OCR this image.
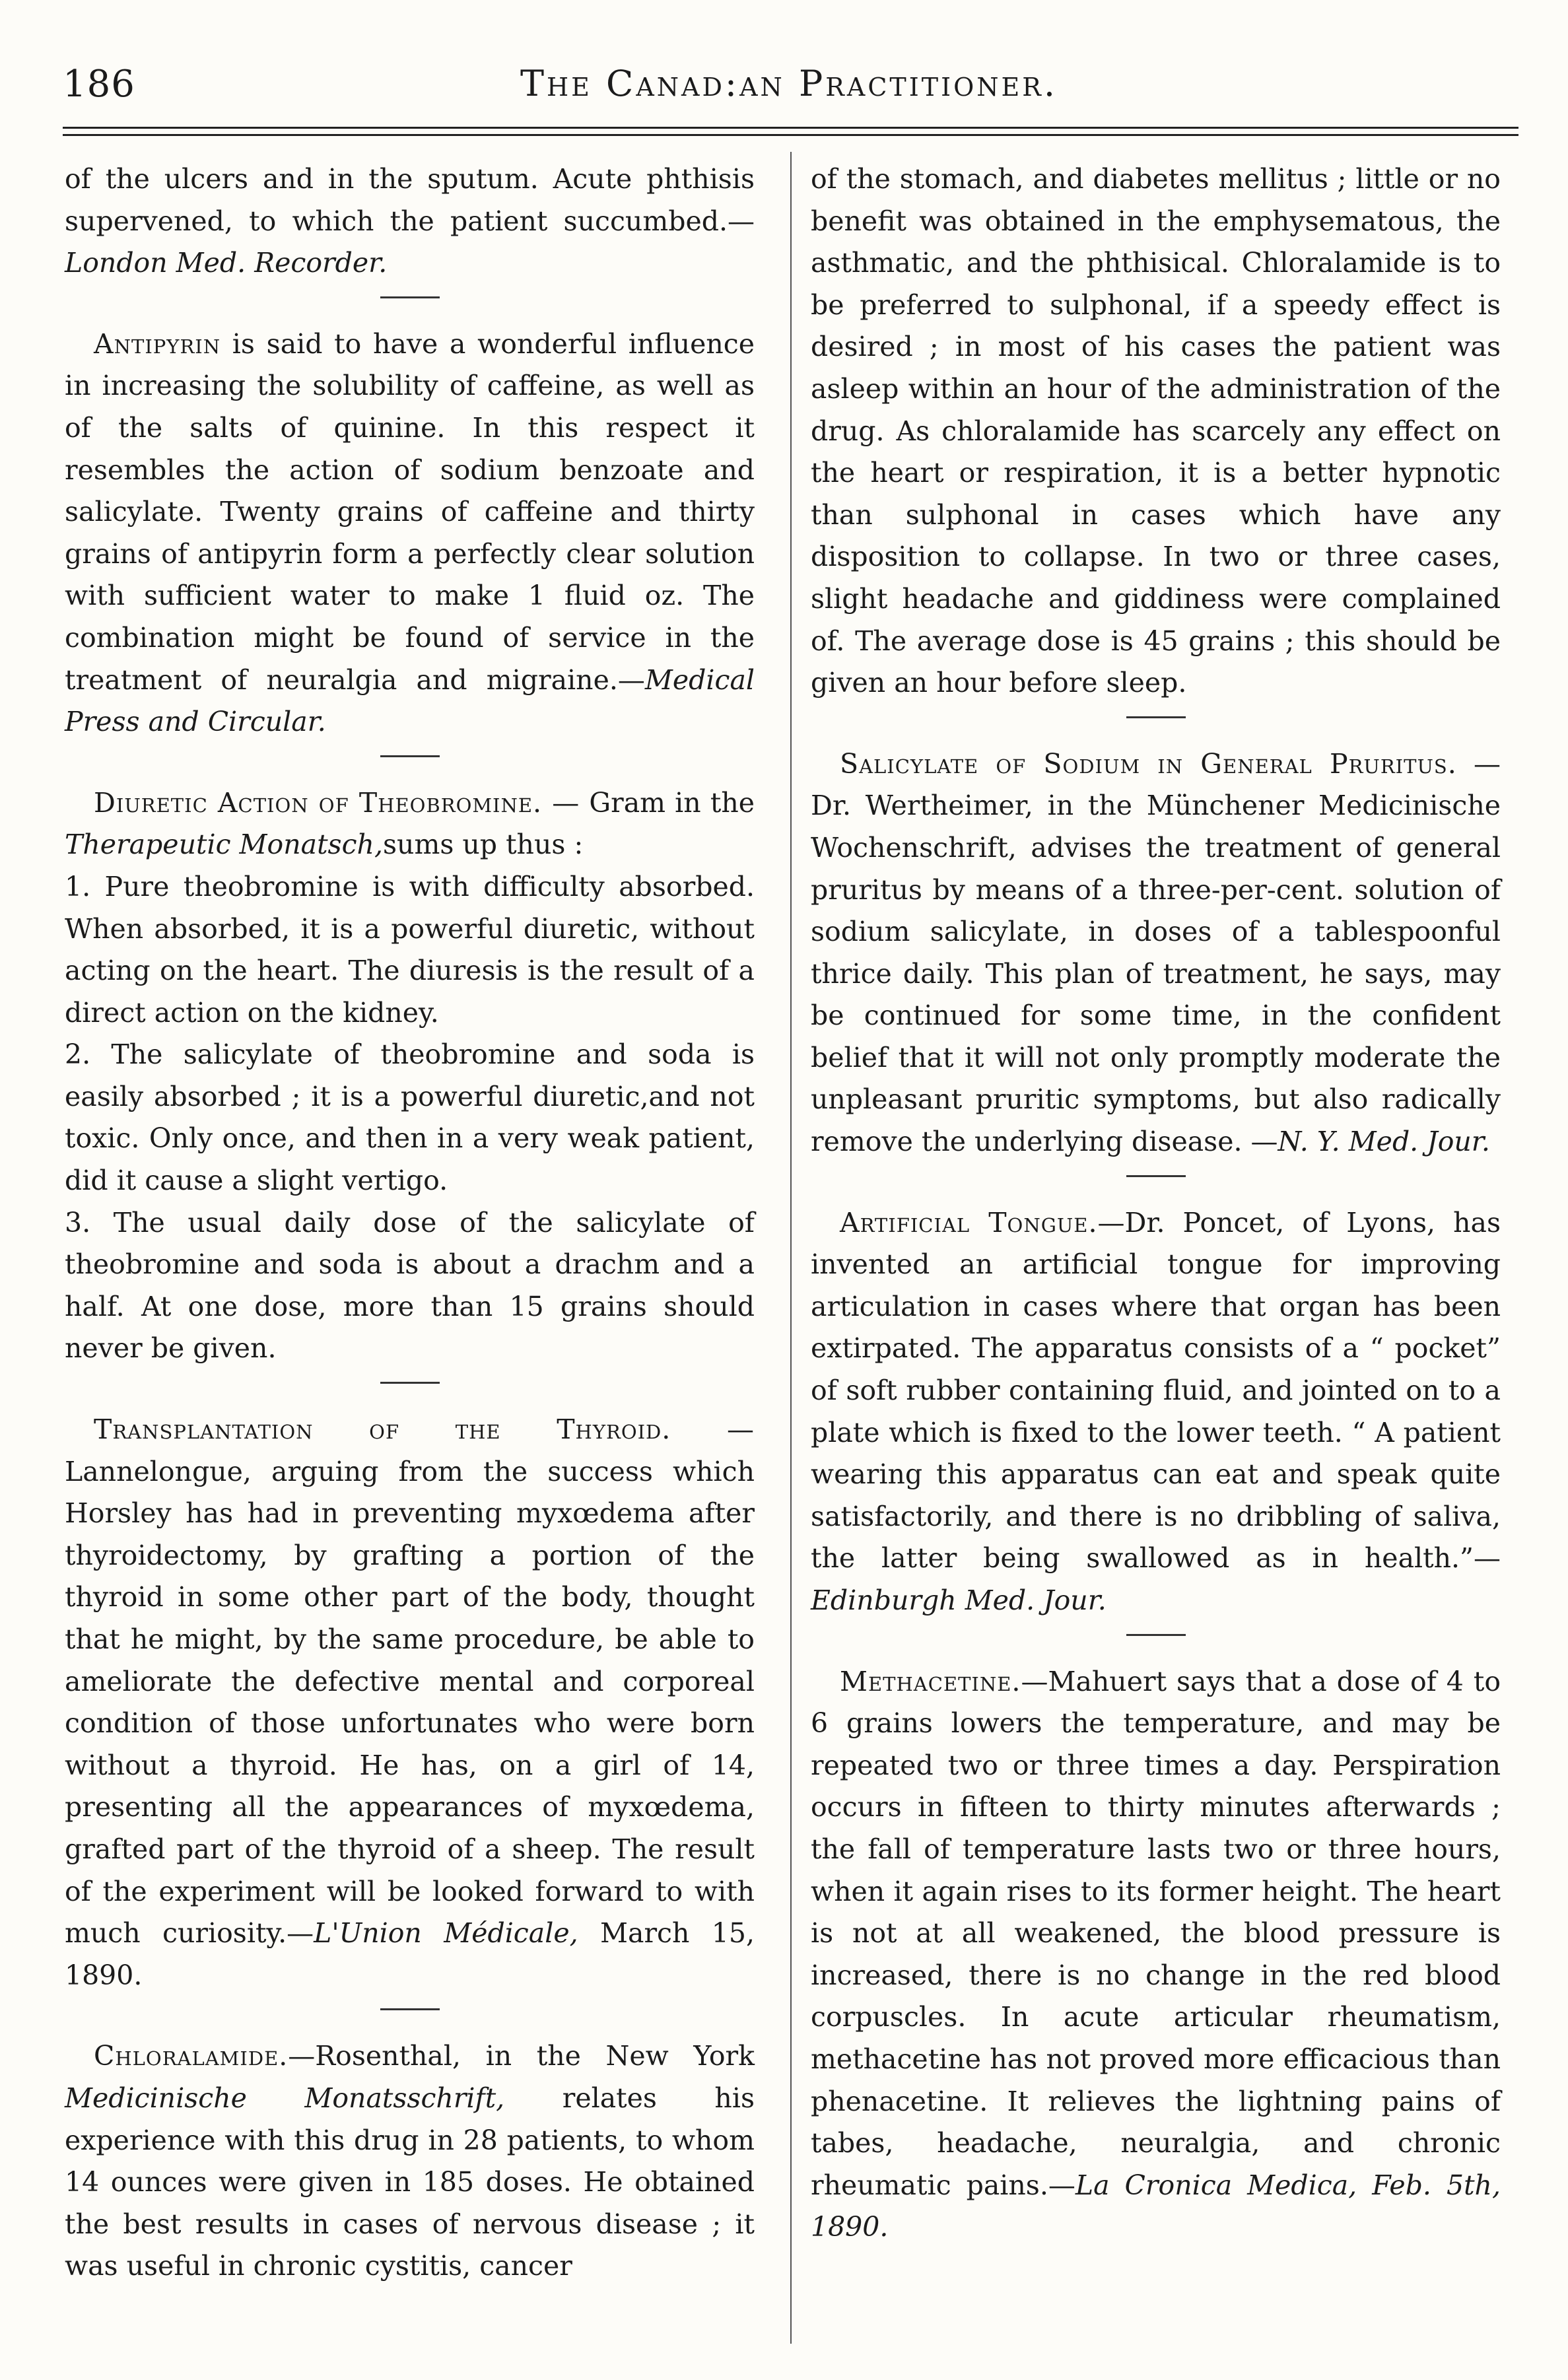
186	The Canad:an Practitioner.

of the ulcers and in the sputum. Acute phthisis supervened, to which the patient succumbed.— London Med. Recorder.

Antipyrin is said to have a wonderful influence in increasing the solubility of caffeine, as well as of the salts of quinine. In this respect it resembles the action of sodium benzoate and salicylate. Twenty grains of caffeine and thirty grains of antipyrin form a perfectly clear solution with sufficient water to make 1 fluid oz. The combination might be found of service in the treatment of neuralgia and migraine.—Medical Press and Circular.

Diuretic Action of Theobromine. — Gram in the Therapeutic Monatsch,sums up thus :

1. Pure theobromine is with difficulty absorbed. When absorbed, it is a powerful diuretic, without acting on the heart. The diuresis is the result of a direct action on the kidney.

2. The salicylate of theobromine and soda is easily absorbed ; it is a powerful diuretic,and not toxic. Only once, and then in a very weak patient, did it cause a slight vertigo.

3. The usual daily dose of the salicylate of theobromine and soda is about a drachm and a half. At one dose, more than 15 grains should never be given.

Transplantation of the Thyroid. — Lannelongue, arguing from the success which Horsley has had in preventing myxœdema after thyroidectomy, by grafting a portion of the thyroid in some other part of the body, thought that he might, by the same procedure, be able to ameliorate the defective mental and corporeal condition of those unfortunates who were born without a thyroid. He has, on a girl of 14, presenting all the appearances of myxœdema, grafted part of the thyroid of a sheep. The result of the experiment will be looked forward to with much curiosity.—L'Union Médicale, March 15, 1890.

Chloralamide.—Rosenthal, in the New York Medicinische Monatsschrift, relates his experience with this drug in 28 patients, to whom 14 ounces were given in 185 doses. He obtained the best results in cases of nervous disease ; it was useful in chronic cystitis, cancer

of the stomach, and diabetes mellitus ; little or no benefit was obtained in the emphysematous, the asthmatic, and the phthisical. Chloralamide is to be preferred to sulphonal, if a speedy effect is desired ; in most of his cases the patient was asleep within an hour of the administration of the drug. As chloralamide has scarcely any effect on the heart or respiration, it is a better hypnotic than sulphonal in cases which have any disposition to collapse. In two or three cases, slight headache and giddiness were complained of. The average dose is 45 grains ; this should be given an hour before sleep.

Salicylate of Sodium in General Pruritus. — Dr. Wertheimer, in the Münchener Medicinische Wochenschrift, advises the treatment of general pruritus by means of a three-per-cent. solution of sodium salicylate, in doses of a tablespoonful thrice daily. This plan of treatment, he says, may be continued for some time, in the confident belief that it will not only promptly moderate the unpleasant pruritic symptoms, but also radically remove the underlying disease. —N. Y. Med. Jour.

Artificial Tongue.—Dr. Poncet, of Lyons, has invented an artificial tongue for improving articulation in cases where that organ has been extirpated. The apparatus consists of a “ pocket” of soft rubber containing fluid, and jointed on to a plate which is fixed to the lower teeth. “ A patient wearing this apparatus can eat and speak quite satisfactorily, and there is no dribbling of saliva, the latter being swallowed as in health.”—Edinburgh Med. Jour.

Methacetine.—Mahuert says that a dose of 4 to 6 grains lowers the temperature, and may be repeated two or three times a day. Perspiration occurs in fifteen to thirty minutes afterwards ; the fall of temperature lasts two or three hours, when it again rises to its former height. The heart is not at all weakened, the blood pressure is increased, there is no change in the red blood corpuscles. In acute articular rheumatism, methacetine has not proved more efficacious than phenacetine. It relieves the lightning pains of tabes, headache, neuralgia, and chronic rheumatic pains.—La Cronica Medica, Feb. 5th, 1890.
